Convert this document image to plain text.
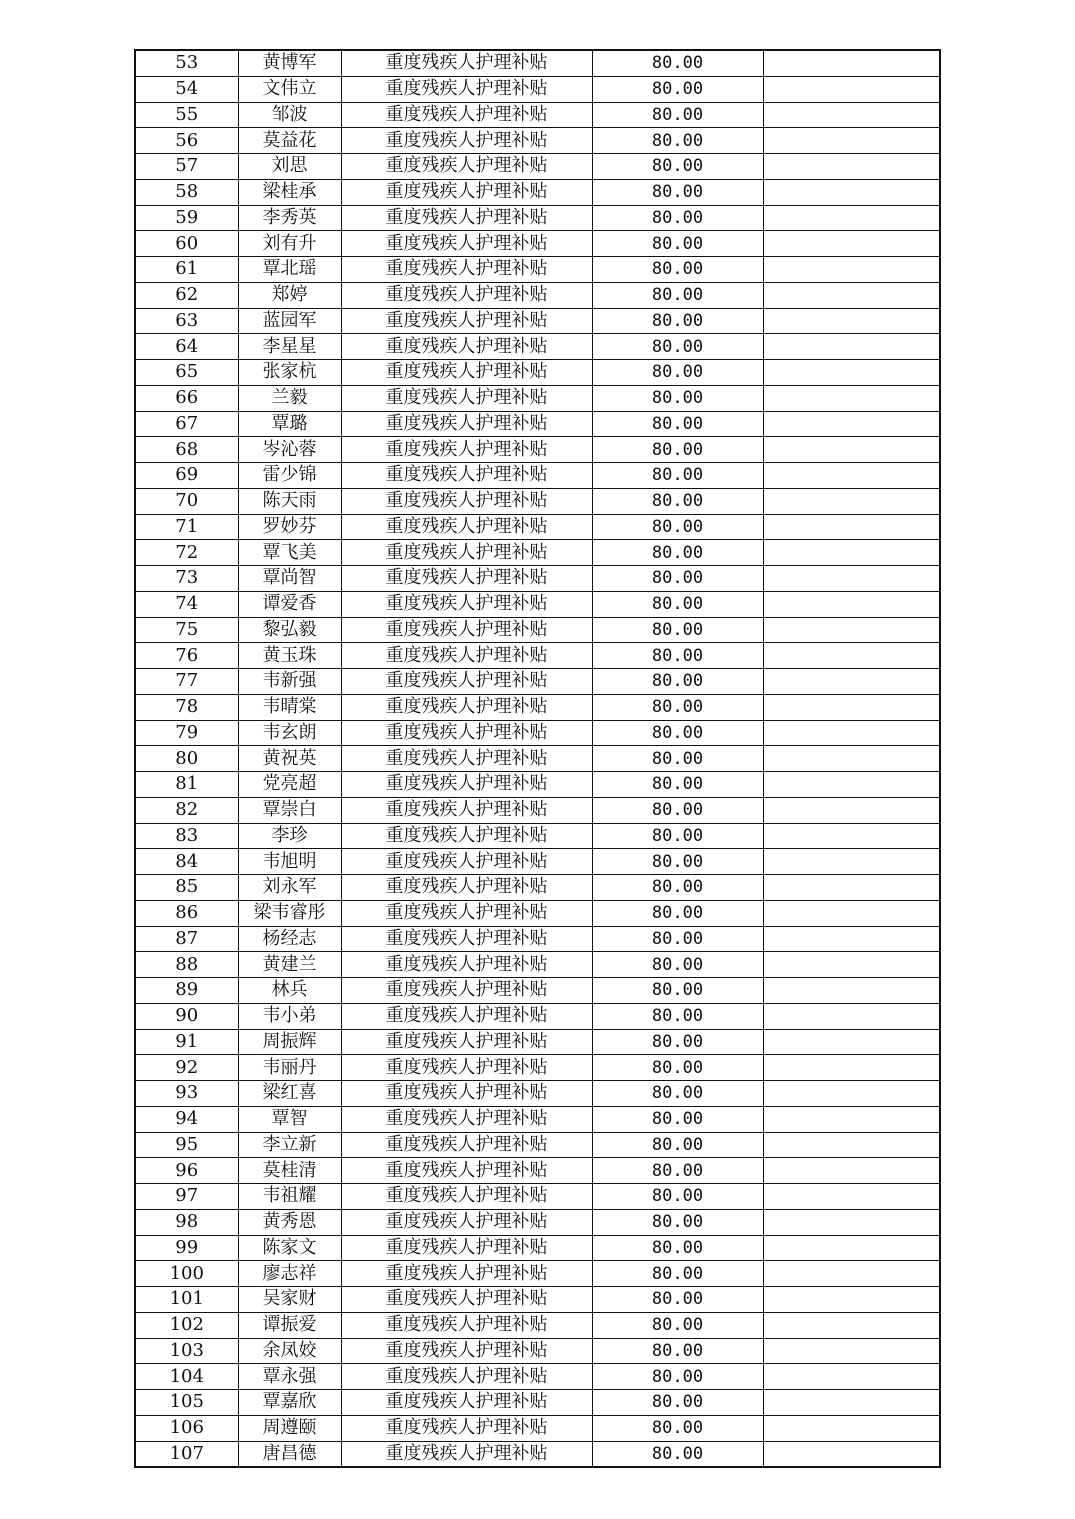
53	黄博军	重度残疾人护理补贴	80.00	
54	文伟立	重度残疾人护理补贴	80.00	
55	邹波	重度残疾人护理补贴	80.00	
56	莫益花	重度残疾人护理补贴	80.00	
57	刘思	重度残疾人护理补贴	80.00	
58	梁桂承	重度残疾人护理补贴	80.00	
59	李秀英	重度残疾人护理补贴	80.00	
60	刘有升	重度残疾人护理补贴	80.00	
61	覃北瑶	重度残疾人护理补贴	80.00	
62	郑婷	重度残疾人护理补贴	80.00	
63	蓝园军	重度残疾人护理补贴	80.00	
64	李星星	重度残疾人护理补贴	80.00	
65	张家杭	重度残疾人护理补贴	80.00	
66	兰毅	重度残疾人护理补贴	80.00	
67	覃璐	重度残疾人护理补贴	80.00	
68	岑沁蓉	重度残疾人护理补贴	80.00	
69	雷少锦	重度残疾人护理补贴	80.00	
70	陈天雨	重度残疾人护理补贴	80.00	
71	罗妙芬	重度残疾人护理补贴	80.00	
72	覃飞美	重度残疾人护理补贴	80.00	
73	覃尚智	重度残疾人护理补贴	80.00	
74	谭爱香	重度残疾人护理补贴	80.00	
75	黎弘毅	重度残疾人护理补贴	80.00	
76	黄玉珠	重度残疾人护理补贴	80.00	
77	韦新强	重度残疾人护理补贴	80.00	
78	韦晴棠	重度残疾人护理补贴	80.00	
79	韦玄朗	重度残疾人护理补贴	80.00	
80	黄祝英	重度残疾人护理补贴	80.00	
81	党亮超	重度残疾人护理补贴	80.00	
82	覃崇白	重度残疾人护理补贴	80.00	
83	李珍	重度残疾人护理补贴	80.00	
84	韦旭明	重度残疾人护理补贴	80.00	
85	刘永军	重度残疾人护理补贴	80.00	
86	梁韦睿彤	重度残疾人护理补贴	80.00	
87	杨经志	重度残疾人护理补贴	80.00	
88	黄建兰	重度残疾人护理补贴	80.00	
89	林兵	重度残疾人护理补贴	80.00	
90	韦小弟	重度残疾人护理补贴	80.00	
91	周振辉	重度残疾人护理补贴	80.00	
92	韦丽丹	重度残疾人护理补贴	80.00	
93	梁红喜	重度残疾人护理补贴	80.00	
94	覃智	重度残疾人护理补贴	80.00	
95	李立新	重度残疾人护理补贴	80.00	
96	莫桂清	重度残疾人护理补贴	80.00	
97	韦祖耀	重度残疾人护理补贴	80.00	
98	黄秀恩	重度残疾人护理补贴	80.00	
99	陈家文	重度残疾人护理补贴	80.00	
100	廖志祥	重度残疾人护理补贴	80.00	
101	吴家财	重度残疾人护理补贴	80.00	
102	谭振爱	重度残疾人护理补贴	80.00	
103	余凤姣	重度残疾人护理补贴	80.00	
104	覃永强	重度残疾人护理补贴	80.00	
105	覃嘉欣	重度残疾人护理补贴	80.00	
106	周遵颐	重度残疾人护理补贴	80.00	
107	唐昌德	重度残疾人护理补贴	80.00	
